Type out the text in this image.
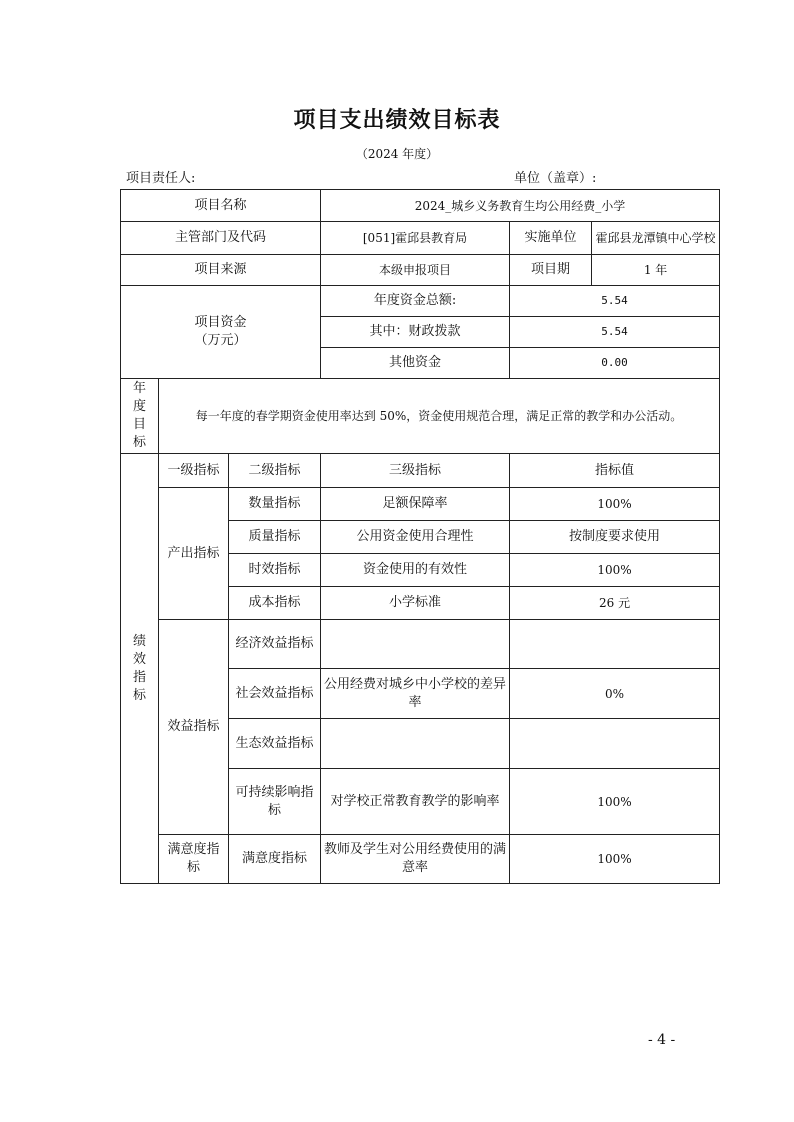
项目支出绩效目标表
（2024 年度）
项目责任人:	单位（盖章）:
项目名称			2024_城乡义务教育生均公用经费_小学		
主管部门及代码			[051]霍邱县教育局	实施单位	霍邱县龙潭镇中心学校
项目来源			本级申报项目	项目期	1 年
项目资金
（万元）			年度资金总额:	5.54	
			其中：财政拨款	5.54	
			其他资金	0.00	
年度目标	每一年度的春学期资金使用率达到 50%，资金使用规范合理，满足正常的教学和办公活动。				
绩效指标	一级指标	二级指标	三级指标	指标值	
	产出指标	数量指标	足额保障率	100%	
		质量指标	公用资金使用合理性	按制度要求使用	
		时效指标	资金使用的有效性	100%	
		成本指标	小学标准	26 元	
	效益指标	经济效益指标			
		社会效益指标	公用经费对城乡中小学校的差异率	0%	
		生态效益指标			
		可持续影响指标	对学校正常教育教学的影响率	100%	
	满意度指标	满意度指标	教师及学生对公用经费使用的满意率	100%	
- 4 -
